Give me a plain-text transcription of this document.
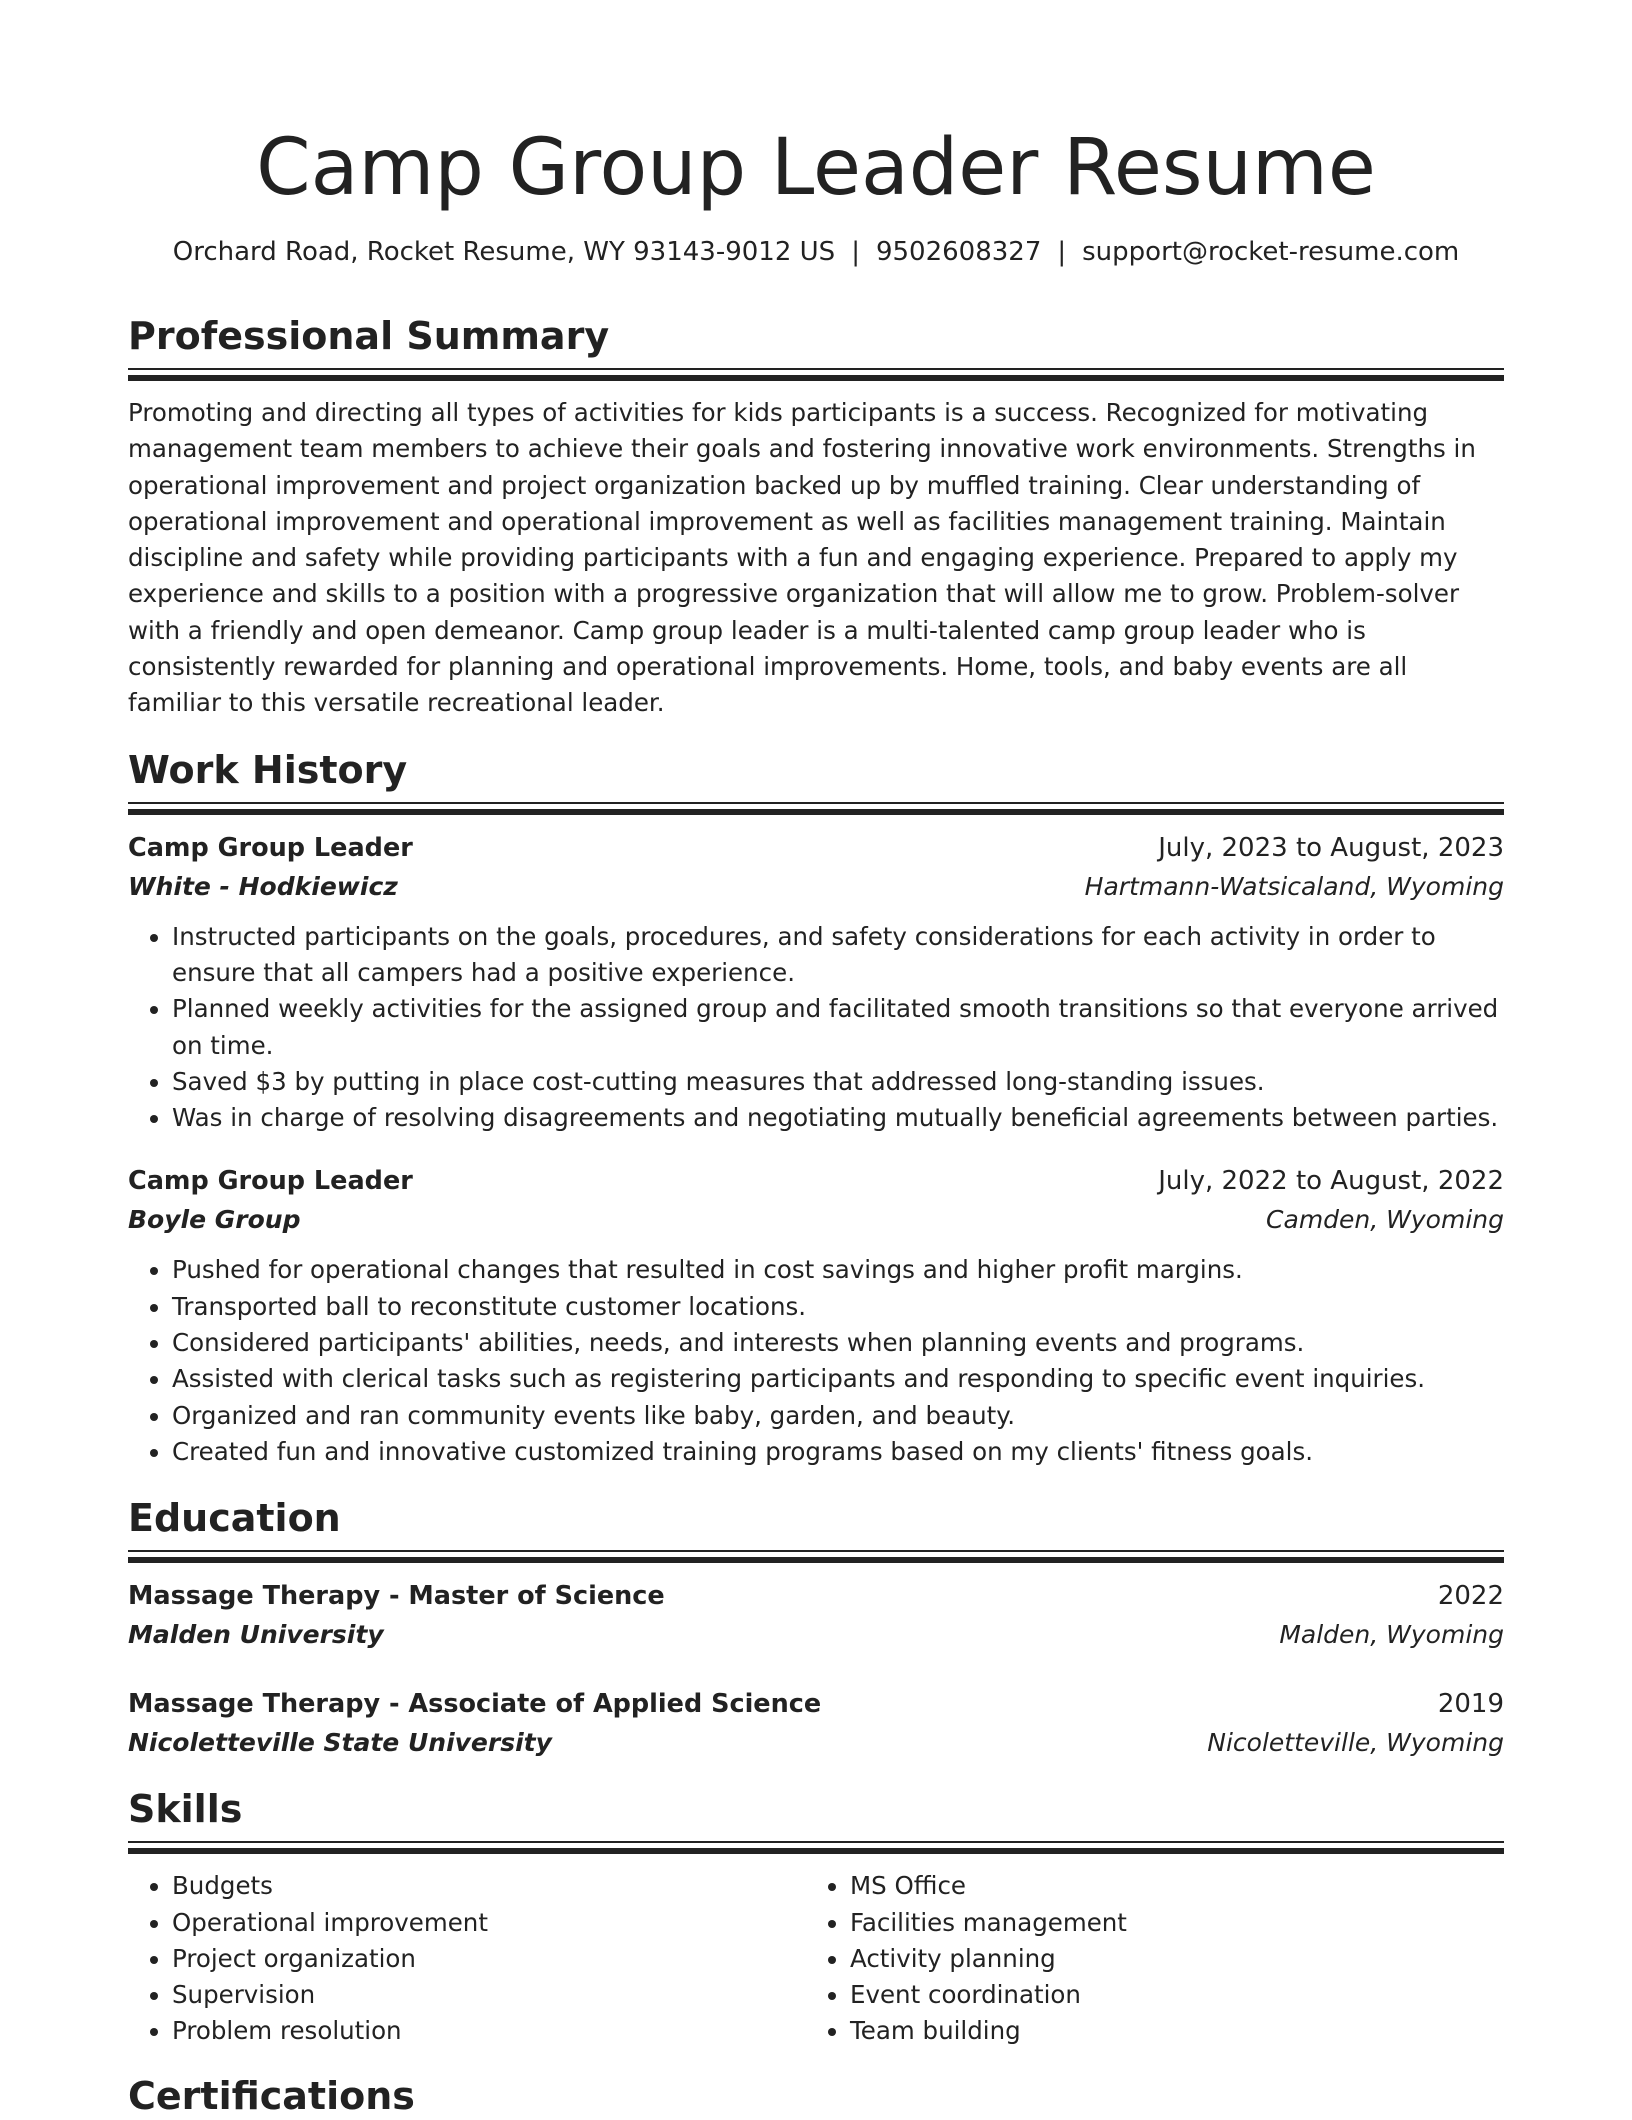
Camp Group Leader Resume
Orchard Road, Rocket Resume, WY 93143-9012 US | 9502608327 | support@rocket-resume.com
Professional Summary
Promoting and directing all types of activities for kids participants is a success. Recognized for motivating management team members to achieve their goals and fostering innovative work environments. Strengths in operational improvement and project organization backed up by muffled training. Clear understanding of operational improvement and operational improvement as well as facilities management training. Maintain discipline and safety while providing participants with a fun and engaging experience. Prepared to apply my experience and skills to a position with a progressive organization that will allow me to grow. Problem-solver with a friendly and open demeanor. Camp group leader is a multi-talented camp group leader who is consistently rewarded for planning and operational improvements. Home, tools, and baby events are all familiar to this versatile recreational leader.
Work History
Camp Group Leader	July, 2023 to August, 2023
White - Hodkiewicz	Hartmann-Watsicaland, Wyoming
• Instructed participants on the goals, procedures, and safety considerations for each activity in order to ensure that all campers had a positive experience.
• Planned weekly activities for the assigned group and facilitated smooth transitions so that everyone arrived on time.
• Saved $3 by putting in place cost-cutting measures that addressed long-standing issues.
• Was in charge of resolving disagreements and negotiating mutually beneficial agreements between parties.
Camp Group Leader	July, 2022 to August, 2022
Boyle Group	Camden, Wyoming
• Pushed for operational changes that resulted in cost savings and higher profit margins.
• Transported ball to reconstitute customer locations.
• Considered participants' abilities, needs, and interests when planning events and programs.
• Assisted with clerical tasks such as registering participants and responding to specific event inquiries.
• Organized and ran community events like baby, garden, and beauty.
• Created fun and innovative customized training programs based on my clients' fitness goals.
Education
Massage Therapy - Master of Science	2022
Malden University	Malden, Wyoming
Massage Therapy - Associate of Applied Science	2019
Nicoletteville State University	Nicoletteville, Wyoming
Skills
• Budgets
• Operational improvement
• Project organization
• Supervision
• Problem resolution
• MS Office
• Facilities management
• Activity planning
• Event coordination
• Team building
Certifications
